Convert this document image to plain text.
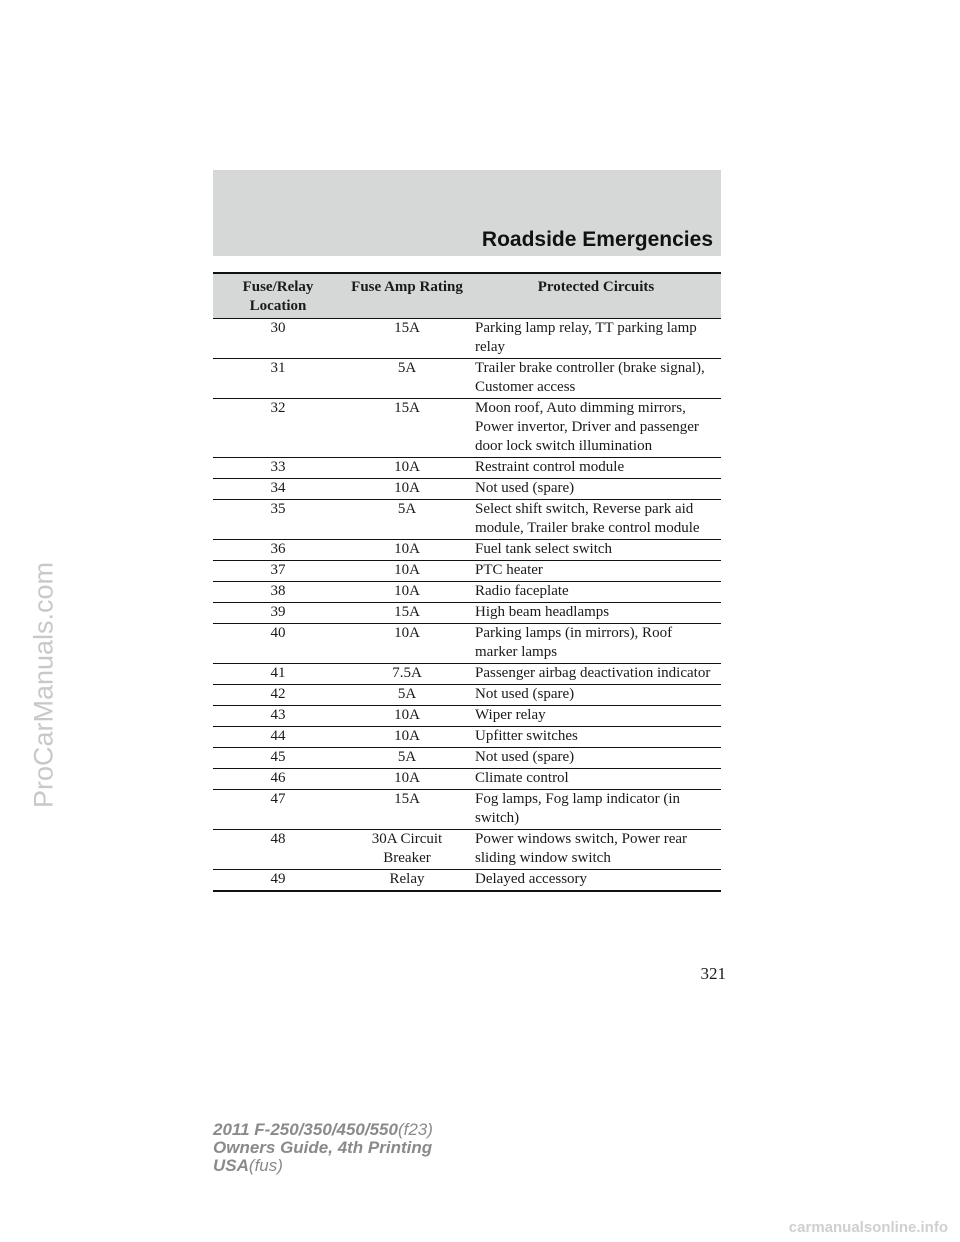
Roadside Emergencies
Fuse/Relay Location	Fuse Amp Rating	Protected Circuits
30	15A	Parking lamp relay, TT parking lamp relay
31	5A	Trailer brake controller (brake signal), Customer access
32	15A	Moon roof, Auto dimming mirrors, Power invertor, Driver and passenger door lock switch illumination
33	10A	Restraint control module
34	10A	Not used (spare)
35	5A	Select shift switch, Reverse park aid module, Trailer brake control module
36	10A	Fuel tank select switch
37	10A	PTC heater
38	10A	Radio faceplate
39	15A	High beam headlamps
40	10A	Parking lamps (in mirrors), Roof marker lamps
41	7.5A	Passenger airbag deactivation indicator
42	5A	Not used (spare)
43	10A	Wiper relay
44	10A	Upfitter switches
45	5A	Not used (spare)
46	10A	Climate control
47	15A	Fog lamps, Fog lamp indicator (in switch)
48	30A Circuit Breaker	Power windows switch, Power rear sliding window switch
49	Relay	Delayed accessory
321
2011 F-250/350/450/550(f23)
Owners Guide, 4th Printing
USA(fus)
ProCarManuals.com
carmanualsonline.info
